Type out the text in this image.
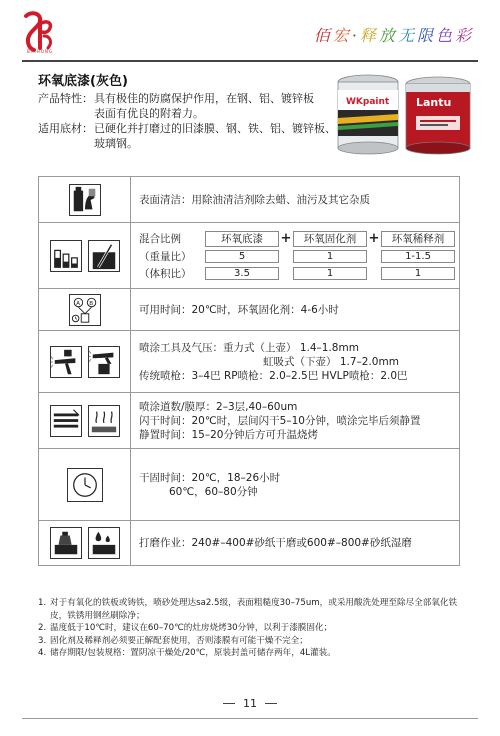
BAIHONG
佰宏·释放无限色彩
环氧底漆(灰色)
产品特性： 具有极佳的防腐保护作用，在钢、铝、镀锌板
表面有优良的附着力。
适用底材： 已硬化并打磨过的旧漆膜、钢、铁、铝、镀锌板、
玻璃钢。
WKpaint Lantu
表面清洁：用除油清洁剂除去蜡、油污及其它杂质
混合比例	环氧底漆	+	环氧固化剂 +	环氧稀释剂
（重量比）	5	1	1-1.5
（体积比）	3.5	1	1
A B
可用时间：20℃时，环氧固化剂：4-6小时
喷涂工具及气压：重力式（上壶） 1.4–1.8mm
虹吸式（下壶） 1.7–2.0mm
传统喷枪：3–4巴 RP喷枪：2.0–2.5巴 HVLP喷枪：2.0巴
喷涂道数/膜厚：2–3层,40–60um
闪干时间：20℃时，层间闪干5–10分钟，喷涂完毕后须静置
静置时间：15–20分钟后方可升温烧烤
干固时间：20℃，18–26小时
60℃，60–80分钟
打磨作业：240#–400#砂纸干磨或600#–800#砂纸湿磨
1. 对于有氧化的铁板或铸铁，喷砂处理达sa2.5级，表面粗糙度30–75um，或采用酸洗处理至除尽全部氧化铁皮，铁锈用钢丝刷除净；
2. 温度低于10℃时，建议在60–70℃的灶房烧烤30分钟，以利于漆膜固化；
3. 固化剂及稀释剂必须要正解配套使用，否则漆膜有可能干燥不完全；
4. 储存期限/包装规格：置阴凉干燥处/20℃，原装封盖可储存两年，4L灌装。
11
